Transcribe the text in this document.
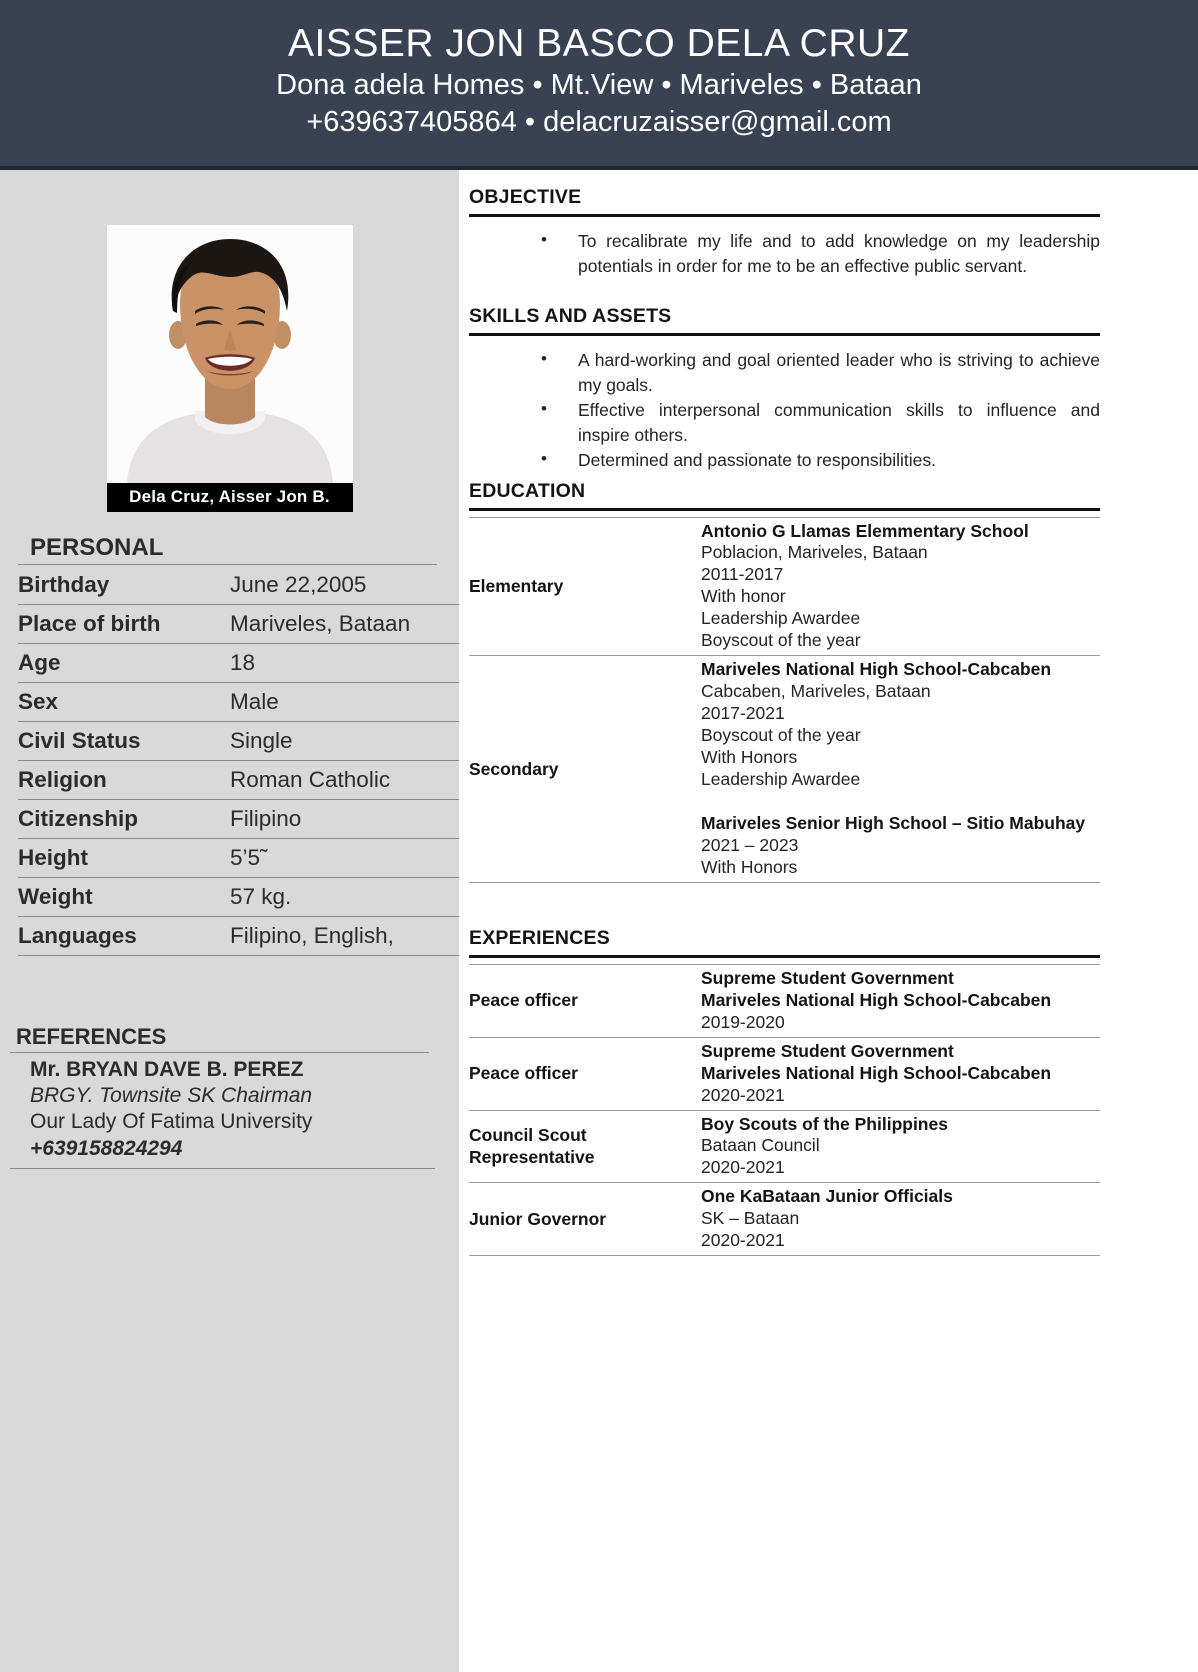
AISSER JON BASCO DELA CRUZ
Dona adela Homes • Mt.View • Mariveles • Bataan
+639637405864 • delacruzaisser@gmail.com
Dela Cruz, Aisser Jon B.
PERSONAL
Birthday	June 22,2005
Place of birth	Mariveles, Bataan
Age	18
Sex	Male
Civil Status	Single
Religion	Roman Catholic
Citizenship	Filipino
Height	5’5˜
Weight	57 kg.
Languages	Filipino, English,
REFERENCES
Mr. BRYAN DAVE B. PEREZ
BRGY. Townsite SK Chairman
Our Lady Of Fatima University
+639158824294
OBJECTIVE
• To recalibrate my life and to add knowledge on my leadership potentials in order for me to be an effective public servant.
SKILLS AND ASSETS
• A hard-working and goal oriented leader who is striving to achieve my goals.
• Effective interpersonal communication skills to influence and inspire others.
• Determined and passionate to responsibilities.
EDUCATION
Elementary	
Antonio G Llamas Elemmentary School
Poblacion, Mariveles, Bataan
2011-2017
With honor
Leadership Awardee
Boyscout of the year

Secondary	
Mariveles National High School-Cabcaben
Cabcaben, Mariveles, Bataan
2017-2021
Boyscout of the year
With Honors
Leadership Awardee
Mariveles Senior High School – Sitio Mabuhay
2021 – 2023
With Honors
EXPERIENCES
Peace officer	Supreme Student Government
Mariveles National High School-Cabcaben
2019-2020

Peace officer	Supreme Student Government
Mariveles National High School-Cabcaben
2020-2021

Council Scout Representative	Boy Scouts of the Philippines
Bataan Council
2020-2021

Junior Governor	One KaBataan Junior Officials
SK – Bataan
2020-2021
